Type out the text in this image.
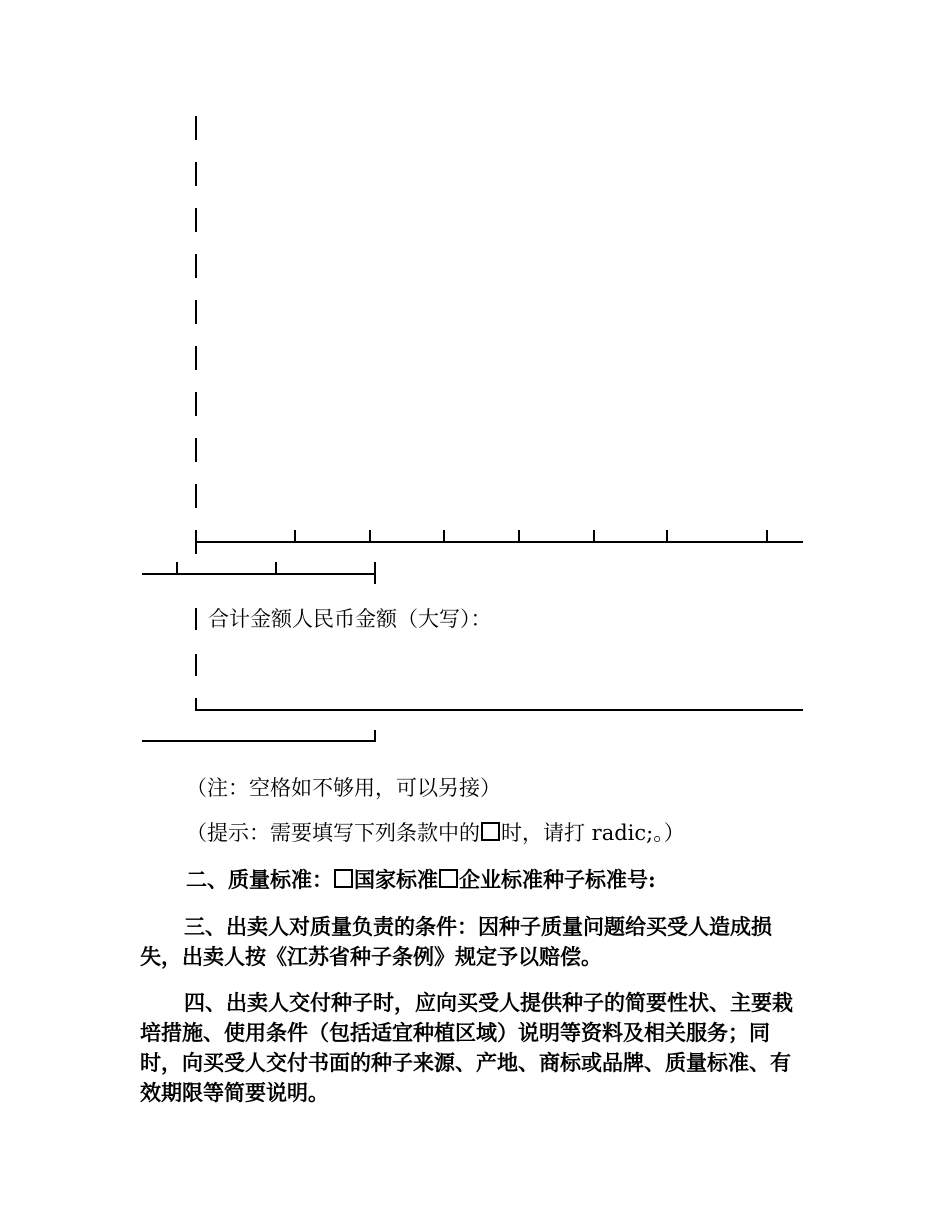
合计金额人民币金额（大写）：
（注：空格如不够用，可以另接）
（提示：需要填写下列条款中的 时，请打 radic;。）
二、质量标准： 国家标准 企业标准种子标准号:
三、出卖人对质量负责的条件：因种子质量问题给买受人造成损失，出卖人按《江苏省种子条例》规定予以赔偿。
四、出卖人交付种子时，应向买受人提供种子的简要性状、主要栽培措施、使用条件（包括适宜种植区域）说明等资料及相关服务；同时，向买受人交付书面的种子来源、产地、商标或品牌、质量标准、有效期限等简要说明。
